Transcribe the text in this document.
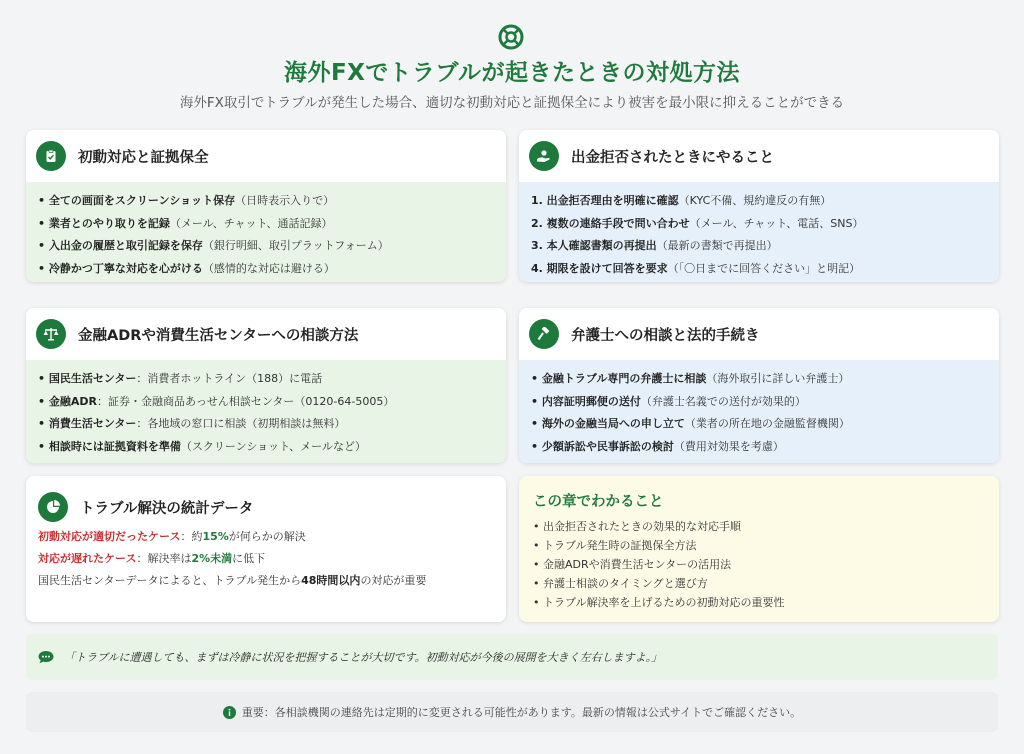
海外FXでトラブルが起きたときの対処方法
海外FX取引でトラブルが発生した場合、適切な初動対応と証拠保全により被害を最小限に抑えることができる
初動対応と証拠保全
• 全ての画面をスクリーンショット保存（日時表示入りで）
• 業者とのやり取りを記録（メール、チャット、通話記録）
• 入出金の履歴と取引記録を保存（銀行明細、取引プラットフォーム）
• 冷静かつ丁寧な対応を心がける（感情的な対応は避ける）
出金拒否されたときにやること
1. 出金拒否理由を明確に確認（KYC不備、規約違反の有無）
2. 複数の連絡手段で問い合わせ（メール、チャット、電話、SNS）
3. 本人確認書類の再提出（最新の書類で再提出）
4. 期限を設けて回答を要求（「〇日までに回答ください」と明記）
金融ADRや消費生活センターへの相談方法
• 国民生活センター：消費者ホットライン（188）に電話
• 金融ADR：証券・金融商品あっせん相談センター（0120-64-5005）
• 消費生活センター：各地域の窓口に相談（初期相談は無料）
• 相談時には証拠資料を準備（スクリーンショット、メールなど）
弁護士への相談と法的手続き
• 金融トラブル専門の弁護士に相談（海外取引に詳しい弁護士）
• 内容証明郵便の送付（弁護士名義での送付が効果的）
• 海外の金融当局への申し立て（業者の所在地の金融監督機関）
• 少額訴訟や民事訴訟の検討（費用対効果を考慮）
トラブル解決の統計データ
初動対応が適切だったケース：約15%が何らかの解決
対応が遅れたケース：解決率は2%未満に低下
国民生活センターデータによると、トラブル発生から48時間以内の対応が重要
この章でわかること
• 出金拒否されたときの効果的な対応手順
• トラブル発生時の証拠保全方法
• 金融ADRや消費生活センターの活用法
• 弁護士相談のタイミングと選び方
• トラブル解決率を上げるための初動対応の重要性
「トラブルに遭遇しても、まずは冷静に状況を把握することが大切です。初動対応が今後の展開を大きく左右しますよ。」
重要：各相談機関の連絡先は定期的に変更される可能性があります。最新の情報は公式サイトでご確認ください。
